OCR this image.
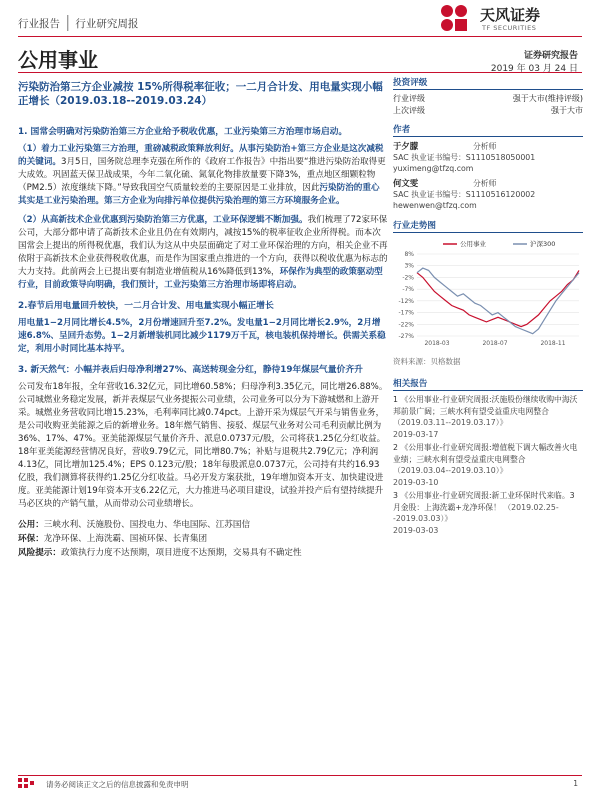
行业报告 | 行业研究周报	天风证券
TF SECURITIES
公用事业	证券研究报告
2019 年 03 月 24 日
污染防治第三方企业减按 15%所得税率征收；一二月合计发、用电量实现小幅正增长（2019.03.18--2019.03.24）
1. 国常会明确对污染防治第三方企业给予税收优惠，工业污染第三方治理市场启动。

（1）着力工业污染第三方治理，重磅减税政策释放利好。从事污染防治+第三方企业是这次减税的关键词。3月5日，国务院总理李克强在所作的《政府工作报告》中指出要“推进污染防治取得更大成效。巩固蓝天保卫战成果，今年二氧化硫、氮氧化物排放量要下降3%，重点地区细颗粒物（PM2.5）浓度继续下降。”导致我国空气质量较差的主要原因是工业排放，因此污染防治的重心其实是工业污染治理。第三方企业为向排污单位提供污染治理的第三方环境服务企业。

（2）从高新技术企业优惠到污染防治第三方优惠，工业环保逻辑不断加强。我们梳理了72家环保公司，大部分都申请了高新技术企业且仍在有效期内，减按15%的税率征收企业所得税。而本次国常会上提出的所得税优惠，我们认为这从中央层面确定了对工业环保治理的方向，相关企业不再依附于高新技术企业获得税收优惠，而是作为国家重点推进的一个方向，获得以税收优惠为标志的大力支持。此前两会上已提出要有制造业增值税从16%降低到13%，环保作为典型的政策驱动型行业，目前政策导向明确，我们预计，工业污染第三方治理市场即将启动。

2.春节后用电量回升较快，一二月合计发、用电量实现小幅正增长

用电量1−2月同比增长4.5%，2月份增速回升至7.2%。发电量1−2月同比增长2.9%，2月增速6.8%、呈回升态势。1−2月新增装机同比减少1179万千瓦，核电装机保持增长。供需关系稳定，利用小时同比基本持平。

3. 新天然气：小幅并表后归母净利增27%、高送转现金分红，静待19年煤层气量价齐升

公司发布18年报，全年营收16.32亿元，同比增60.58%；归母净利3.35亿元，同比增26.88%。公司城燃业务稳定发展，新并表煤层气业务提振公司业绩，公司业务可以分为下游城燃和上游开采。城燃业务营收同比增15.23%，毛利率同比减0.74pct。上游开采为煤层气开采与销售业务，是公司收购亚美能源之后的新增业务。18年燃气销售、接驳、煤层气业务对公司毛利贡献比例为36%、17%、47%。亚美能源煤层气量价齐升、派息0.0737元/股，公司将获1.25亿分红收益。18年亚美能源经营情况良好，营收9.79亿元，同比增80.7%；补贴与退税共2.79亿元；净利润4.13亿，同比增加125.4%；EPS 0.123元/股；18年每股派息0.0737元，公司持有共约16.93亿股，我们测算将获得约1.25亿分红收益。马必开发方案获批，19年增加资本开支、加快建设进度。亚美能源计划19年资本开支6.22亿元，大力推进马必项目建设，试验并投产后有望持续提升马必区块的产销气量，从而带动公司业绩增长。

公用：三峡水利、沃施股份、国投电力、华电国际、江苏国信

环保：龙净环保、上海洗霸、国祯环保、长青集团

风险提示：政策执行力度不达预期，项目进度不达预期，交易具有不确定性

投资评级
行业评级	强于大市(维持评级)
上次评级	强于大市
作者
于夕朦	分析师
SAC 执业证书编号：S1110518050001
yuximeng@tfzq.com
何文雯	分析师
SAC 执业证书编号：S1110516120002
hewenwen@tfzq.com
行业走势图
8%
3%
-2%
-7%
-12%
-17%
-22%
-27%
2018-03	2018-07	2018-11
公用事业	沪深300
资料来源：贝格数据
相关报告
1 《公用事业-行业研究周报:沃施股份继续收购中海沃邦前景广阔；三峡水利有望受益重庆电网整合 （2019.03.11--2019.03.17）》
2019-03-17
2 《公用事业-行业研究周报:增值税下调大幅改善火电业绩；三峡水利有望受益重庆电网整合 （2019.03.04--2019.03.10）》
2019-03-10
3 《公用事业-行业研究周报:新工业环保时代来临。3 月金股：上海洗霸+龙净环保！ （2019.02.25--2019.03.03）》
2019-03-03
请务必阅读正文之后的信息披露和免责申明	1
